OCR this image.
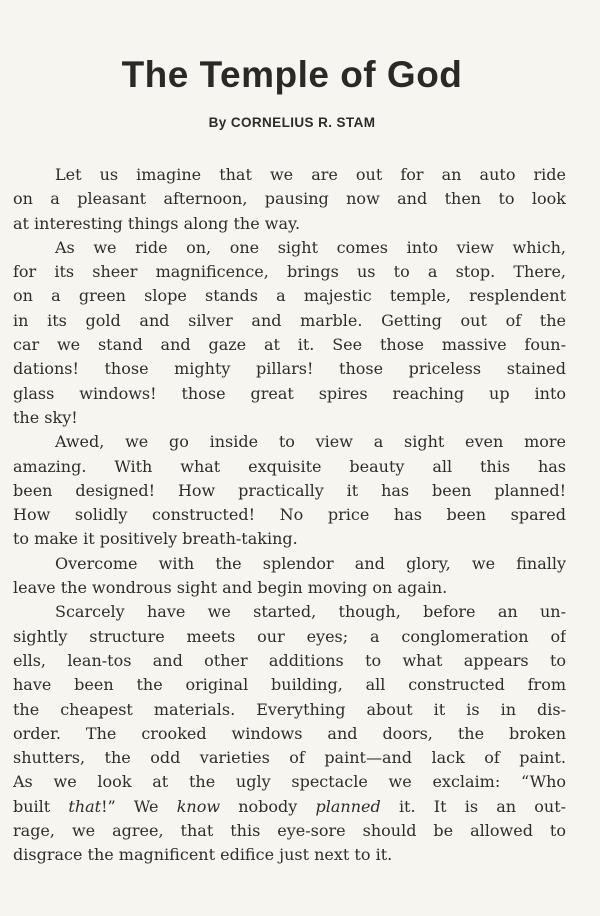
The Temple of God
By CORNELIUS R. STAM
Let us imagine that we are out for an auto ride
on a pleasant afternoon, pausing now and then to look
at interesting things along the way.
As we ride on, one sight comes into view which,
for its sheer magnificence, brings us to a stop. There,
on a green slope stands a majestic temple, resplendent
in its gold and silver and marble. Getting out of the
car we stand and gaze at it. See those massive foun-
dations! those mighty pillars! those priceless stained
glass windows! those great spires reaching up into
the sky!
Awed, we go inside to view a sight even more
amazing. With what exquisite beauty all this has
been designed! How practically it has been planned!
How solidly constructed! No price has been spared
to make it positively breath-taking.
Overcome with the splendor and glory, we finally
leave the wondrous sight and begin moving on again.
Scarcely have we started, though, before an un-
sightly structure meets our eyes; a conglomeration of
ells, lean-tos and other additions to what appears to
have been the original building, all constructed from
the cheapest materials. Everything about it is in dis-
order. The crooked windows and doors, the broken
shutters, the odd varieties of paint—and lack of paint.
As we look at the ugly spectacle we exclaim: “Who
built that!” We know nobody planned it. It is an out-
rage, we agree, that this eye-sore should be allowed to
disgrace the magnificent edifice just next to it.
